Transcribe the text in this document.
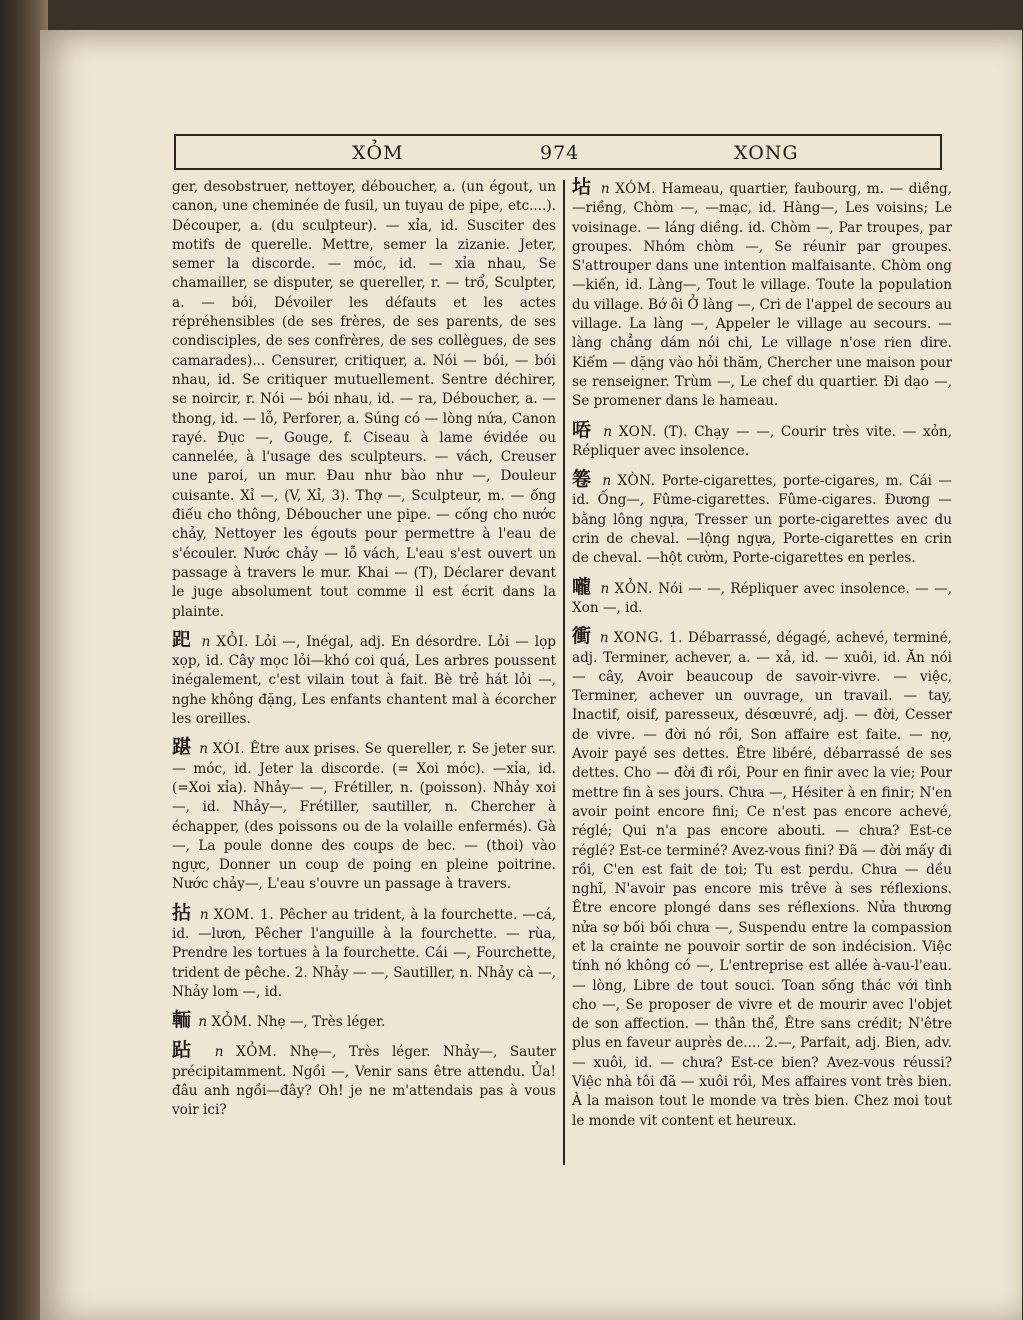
XỎM	974	XONG

ger, desobstruer, nettoyer, déboucher, a. (un égout, un canon, une cheminée de fusil, un tuyau de pipe, etc....). Découper, a. (du sculpteur). — xỉa, id. Susciter des motifs de querelle. Mettre, semer la zizanie. Jeter, semer la discorde. — móc, id. — xỉa nhau, Se chamailler, se disputer, se quereller, r. — trổ, Sculpter, a. — bói, Dévoiler les défauts et les actes répréhensibles (de ses frères, de ses parents, de ses condisciples, de ses confrères, de ses collègues, de ses camarades)... Censurer, critiquer, a. Nói — bói, — bói nhau, id. Se critiquer mutuellement. Sentre déchirer, se noircir, r. Nói — bói nhau, id. — ra, Déboucher, a. — thong, id. — lỗ, Perforer, a. Súng có — lòng nứa, Canon rayé. Đục —, Gouge, f. Ciseau à lame évidée ou cannelée, à l'usage des sculpteurs. — vách, Creuser une paroi, un mur. Đau như bào như —, Douleur cuisante. Xỉ —, (V, Xỉ, 3). Thợ —, Sculpteur, m. — ống điếu cho thông, Déboucher une pipe. — cống cho nước chảy, Nettoyer les égouts pour permettre à l'eau de s'écouler. Nước chảy — lỗ vách, L'eau s'est ouvert un passage à travers le mur. Khai — (T), Déclarer devant le juge absolument tout comme il est écrit dans la plainte.

𧿆 n XỎI. Lỏi —, Inégal, adj. En désordre. Lỏi — lọp xọp, id. Cây mọc lỏi—khó coi quá, Les arbres poussent inégalement, c'est vilain tout à fait. Bè trẻ hát lỏi —, nghe không đặng, Les enfants chantent mal à écorcher les oreilles.

踸 n XÓI. Être aux prises. Se quereller, r. Se jeter sur. — móc, id. Jeter la discorde. (= Xoi móc). —xỉa, id. (=Xoi xỉa). Nhảy— —, Frétiller, n. (poisson). Nhảy xoi —, id. Nhảy—, Frétiller, sautiller, n. Chercher à échapper, (des poissons ou de la volaille enfermés). Gà—, La poule donne des coups de bec. — (thoi) vào ngực, Donner un coup de poing en pleine poitrine. Nước chảy—, L'eau s'ouvre un passage à travers.

拈 n XOM. 1. Pêcher au trident, à la fourchette. —cá, id. —lươn, Pêcher l'anguille à la fourchette. — rùa, Prendre les tortues à la fourchette. Cái —, Fourchette, trident de pêche. 2. Nhảy — —, Sautiller, n. Nhảy cà —, Nhảy lom —, id.

輀 n XỎM. Nhẹ —, Très léger.

跕 n XỎM. Nhẹ—, Très léger. Nhảy—, Sauter précipitamment. Ngồi —, Venir sans être attendu. Ủa! đâu anh ngồi—đây? Oh! je ne m'attendais pas à vous voir ici?

坫 n XÓM. Hameau, quartier, faubourg, m. — diềng, —riềng, Chòm —, —mạc, id. Hàng—, Les voisins; Le voisinage. — láng diềng. id. Chòm —, Par troupes, par groupes. Nhóm chòm —, Se réunir par groupes. S'attrouper dans une intention malfaisante. Chòm ong —kiến, id. Làng—, Tout le village. Toute la population du village. Bớ ôi Ở làng —, Cri de l'appel de secours au village. La làng —, Appeler le village au secours. — làng chẳng dám nói chi, Le village n'ose rien dire. Kiếm — dặng vào hỏi thăm, Chercher une maison pour se renseigner. Trùm —, Le chef du quartier. Đi dạo —, Se promener dans le hameau.

㖔 n XON. (T). Chạy — —, Courir très vite. — xỏn, Répliquer avec insolence.

箞 n XÒN. Porte-cigarettes, porte-cigares, m. Cái —id. Ống—, Fûme-cigarettes. Fûme-cigares. Đương —bằng lông ngựa, Tresser un porte-cigarettes avec du crin de cheval. —lộng ngựa, Porte-cigarettes en crin de cheval. —hột cườm, Porte-cigarettes en perles.

嚨 n XỎN. Nói — —, Répliquer avec insolence. — —, Xon —, id.

衝 n XONG. 1. Débarrassé, dégagé, achevé, terminé, adj. Terminer, achever, a. — xả, id. — xuôi, id. Ăn nói — cây, Avoir beaucoup de savoir-vivre. — việc, Terminer, achever un ouvrage, un travail. — tay, Inactif, oisif, paresseux, désœuvré, adj. — đời, Cesser de vivre. — đời nó rồi, Son affaire est faite. — nợ, Avoir payé ses dettes. Être libéré, débarrassé de ses dettes. Cho — đời đi rồi, Pour en finir avec la vie; Pour mettre fin à ses jours. Chưa —, Hésiter à en finir; N'en avoir point encore fini; Ce n'est pas encore achevé, réglé; Qui n'a pas encore abouti. — chưa? Est-ce réglé? Est-ce terminé? Avez-vous fini? Đã — đời mấy đi rồi, C'en est fait de toi; Tu est perdu. Chưa — dều nghĩ, N'avoir pas encore mis trêve à ses réflexions. Être encore plongé dans ses réflexions. Nửa thương nửa sợ bối bối chưa —, Suspendu entre la compassion et la crainte ne pouvoir sortir de son indécision. Việc tính nó không có —, L'entreprise est allée à-vau-l'eau. — lòng, Libre de tout souci. Toan sống thác với tình cho —, Se proposer de vivre et de mourir avec l'objet de son affection. — thân thể, Être sans crédit; N'être plus en faveur auprès de.... 2.—, Parfait, adj. Bien, adv. — xuôi, id. — chưa? Est-ce bien? Avez-vous réussi? Việc nhà tôi đã — xuôi rồi, Mes affaires vont très bien. À la maison tout le monde va très bien. Chez moi tout le monde vit content et heureux.
